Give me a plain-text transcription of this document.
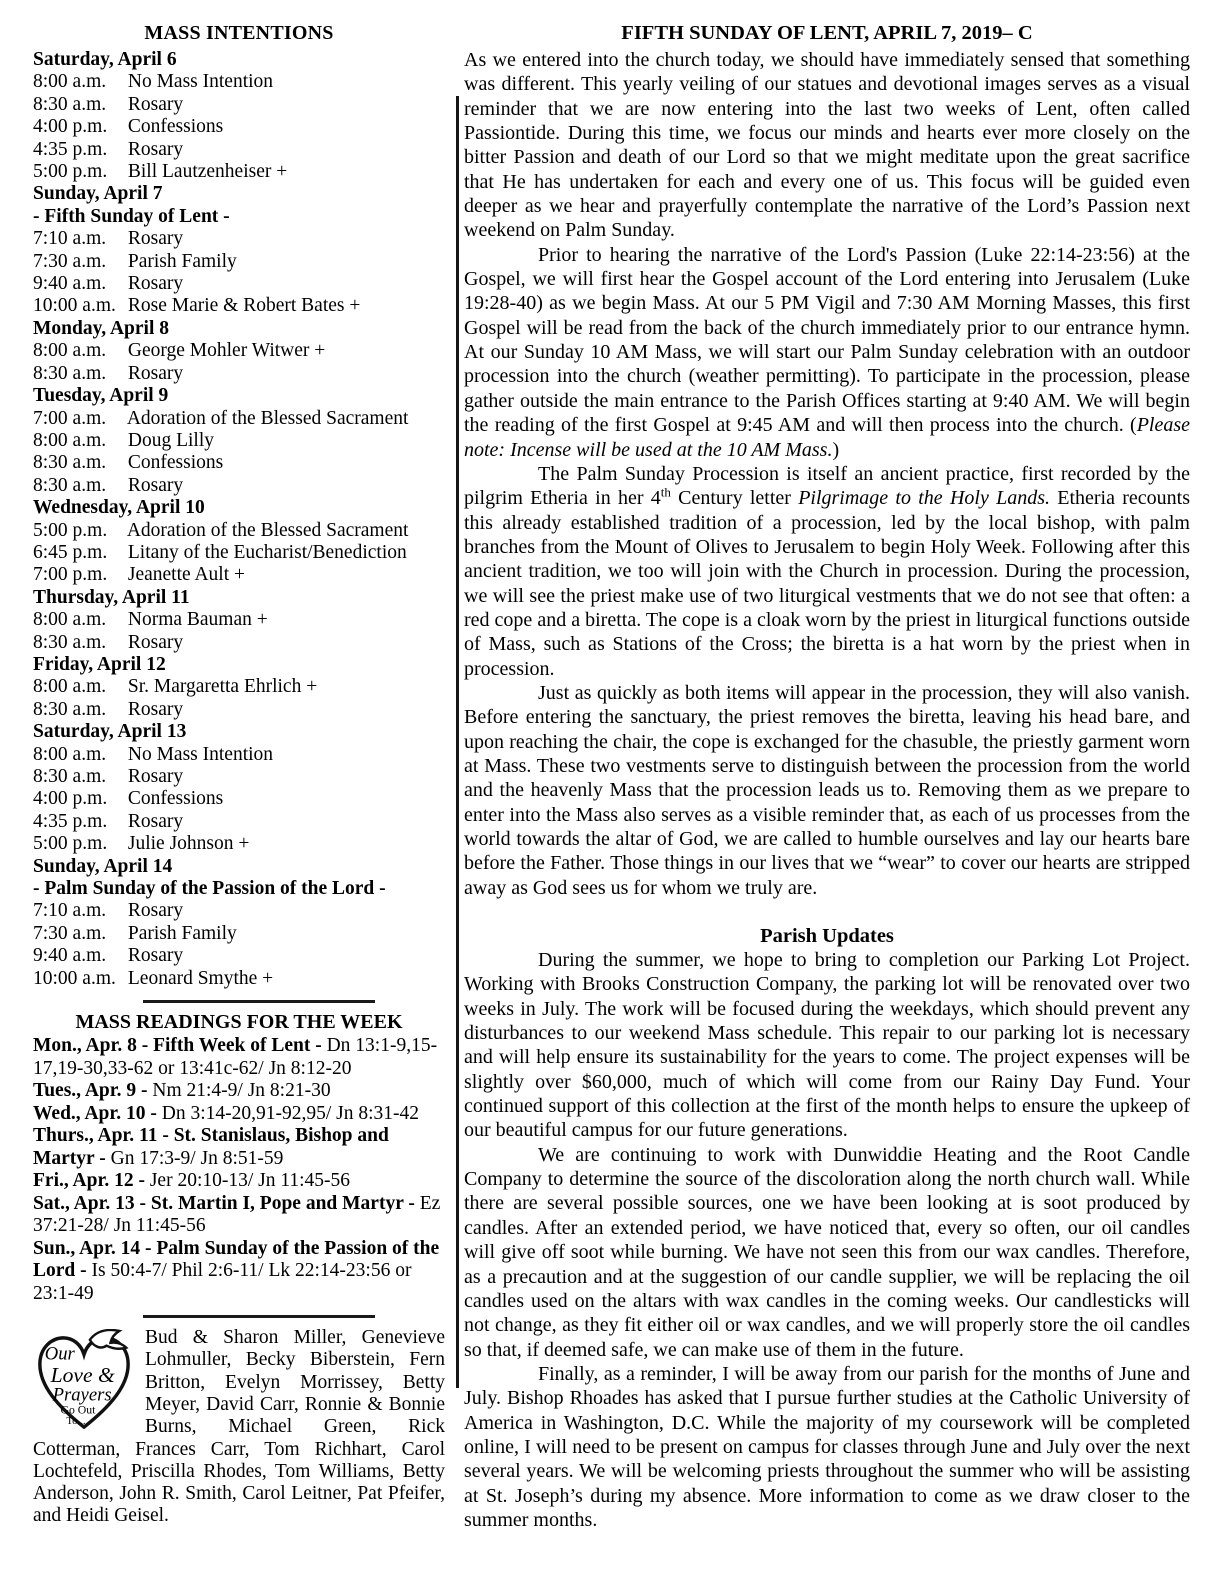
MASS INTENTIONS
Saturday, April 6
8:00 a.m. No Mass Intention
8:30 a.m. Rosary
4:00 p.m. Confessions
4:35 p.m. Rosary
5:00 p.m. Bill Lautzenheiser +
Sunday, April 7
- Fifth Sunday of Lent -
7:10 a.m. Rosary
7:30 a.m. Parish Family
9:40 a.m. Rosary
10:00 a.m. Rose Marie & Robert Bates +
Monday, April 8
8:00 a.m. George Mohler Witwer +
8:30 a.m. Rosary
Tuesday, April 9
7:00 a.m. Adoration of the Blessed Sacrament
8:00 a.m. Doug Lilly
8:30 a.m. Confessions
8:30 a.m. Rosary
Wednesday, April 10
5:00 p.m. Adoration of the Blessed Sacrament
6:45 p.m. Litany of the Eucharist/Benediction
7:00 p.m. Jeanette Ault +
Thursday, April 11
8:00 a.m. Norma Bauman +
8:30 a.m. Rosary
Friday, April 12
8:00 a.m. Sr. Margaretta Ehrlich +
8:30 a.m. Rosary
Saturday, April 13
8:00 a.m. No Mass Intention
8:30 a.m. Rosary
4:00 p.m. Confessions
4:35 p.m. Rosary
5:00 p.m. Julie Johnson +
Sunday, April 14
- Palm Sunday of the Passion of the Lord -
7:10 a.m. Rosary
7:30 a.m. Parish Family
9:40 a.m. Rosary
10:00 a.m. Leonard Smythe +
MASS READINGS FOR THE WEEK
Mon., Apr. 8 - Fifth Week of Lent - Dn 13:1-9,15-17,19-30,33-62 or 13:41c-62/ Jn 8:12-20
Tues., Apr. 9 - Nm 21:4-9/ Jn 8:21-30
Wed., Apr. 10 - Dn 3:14-20,91-92,95/ Jn 8:31-42
Thurs., Apr. 11 - St. Stanislaus, Bishop and Martyr - Gn 17:3-9/ Jn 8:51-59
Fri., Apr. 12 - Jer 20:10-13/ Jn 11:45-56
Sat., Apr. 13 - St. Martin I, Pope and Martyr - Ez 37:21-28/ Jn 11:45-56
Sun., Apr. 14 - Palm Sunday of the Passion of the Lord - Is 50:4-7/ Phil 2:6-11/ Lk 22:14-23:56 or 23:1-49
Our
Love &
Prayers
Go Out
To...
Bud & Sharon Miller, Genevieve Lohmuller, Becky Biberstein, Fern Britton, Evelyn Morrissey, Betty Meyer, David Carr, Ronnie & Bonnie Burns, Michael Green, Rick Cotterman, Frances Carr, Tom Richhart, Carol Lochtefeld, Priscilla Rhodes, Tom Williams, Betty Anderson, John R. Smith, Carol Leitner, Pat Pfeifer, and Heidi Geisel.
FIFTH SUNDAY OF LENT, APRIL 7, 2019– C

As we entered into the church today, we should have immediately sensed that something was different. This yearly veiling of our statues and devotional images serves as a visual reminder that we are now entering into the last two weeks of Lent, often called Passiontide. During this time, we focus our minds and hearts ever more closely on the bitter Passion and death of our Lord so that we might meditate upon the great sacrifice that He has undertaken for each and every one of us. This focus will be guided even deeper as we hear and prayerfully contemplate the narrative of the Lord’s Passion next weekend on Palm Sunday.

Prior to hearing the narrative of the Lord's Passion (Luke 22:14-23:56) at the Gospel, we will first hear the Gospel account of the Lord entering into Jerusalem (Luke 19:28-40) as we begin Mass. At our 5 PM Vigil and 7:30 AM Morning Masses, this first Gospel will be read from the back of the church immediately prior to our entrance hymn. At our Sunday 10 AM Mass, we will start our Palm Sunday celebration with an outdoor procession into the church (weather permitting). To participate in the procession, please gather outside the main entrance to the Parish Offices starting at 9:40 AM. We will begin the reading of the first Gospel at 9:45 AM and will then process into the church. (Please note: Incense will be used at the 10 AM Mass.)

The Palm Sunday Procession is itself an ancient practice, first recorded by the pilgrim Etheria in her 4th Century letter Pilgrimage to the Holy Lands. Etheria recounts this already established tradition of a procession, led by the local bishop, with palm branches from the Mount of Olives to Jerusalem to begin Holy Week. Following after this ancient tradition, we too will join with the Church in procession. During the procession, we will see the priest make use of two liturgical vestments that we do not see that often: a red cope and a biretta. The cope is a cloak worn by the priest in liturgical functions outside of Mass, such as Stations of the Cross; the biretta is a hat worn by the priest when in procession.

Just as quickly as both items will appear in the procession, they will also vanish. Before entering the sanctuary, the priest removes the biretta, leaving his head bare, and upon reaching the chair, the cope is exchanged for the chasuble, the priestly garment worn at Mass. These two vestments serve to distinguish between the procession from the world and the heavenly Mass that the procession leads us to. Removing them as we prepare to enter into the Mass also serves as a visible reminder that, as each of us processes from the world towards the altar of God, we are called to humble ourselves and lay our hearts bare before the Father. Those things in our lives that we “wear” to cover our hearts are stripped away as God sees us for whom we truly are.

Parish Updates

During the summer, we hope to bring to completion our Parking Lot Project. Working with Brooks Construction Company, the parking lot will be renovated over two weeks in July. The work will be focused during the weekdays, which should prevent any disturbances to our weekend Mass schedule. This repair to our parking lot is necessary and will help ensure its sustainability for the years to come. The project expenses will be slightly over $60,000, much of which will come from our Rainy Day Fund. Your continued support of this collection at the first of the month helps to ensure the upkeep of our beautiful campus for our future generations.

We are continuing to work with Dunwiddie Heating and the Root Candle Company to determine the source of the discoloration along the north church wall. While there are several possible sources, one we have been looking at is soot produced by candles. After an extended period, we have noticed that, every so often, our oil candles will give off soot while burning. We have not seen this from our wax candles. Therefore, as a precaution and at the suggestion of our candle supplier, we will be replacing the oil candles used on the altars with wax candles in the coming weeks. Our candlesticks will not change, as they fit either oil or wax candles, and we will properly store the oil candles so that, if deemed safe, we can make use of them in the future.

Finally, as a reminder, I will be away from our parish for the months of June and July. Bishop Rhoades has asked that I pursue further studies at the Catholic University of America in Washington, D.C. While the majority of my coursework will be completed online, I will need to be present on campus for classes through June and July over the next several years. We will be welcoming priests throughout the summer who will be assisting at St. Joseph’s during my absence. More information to come as we draw closer to the summer months.
